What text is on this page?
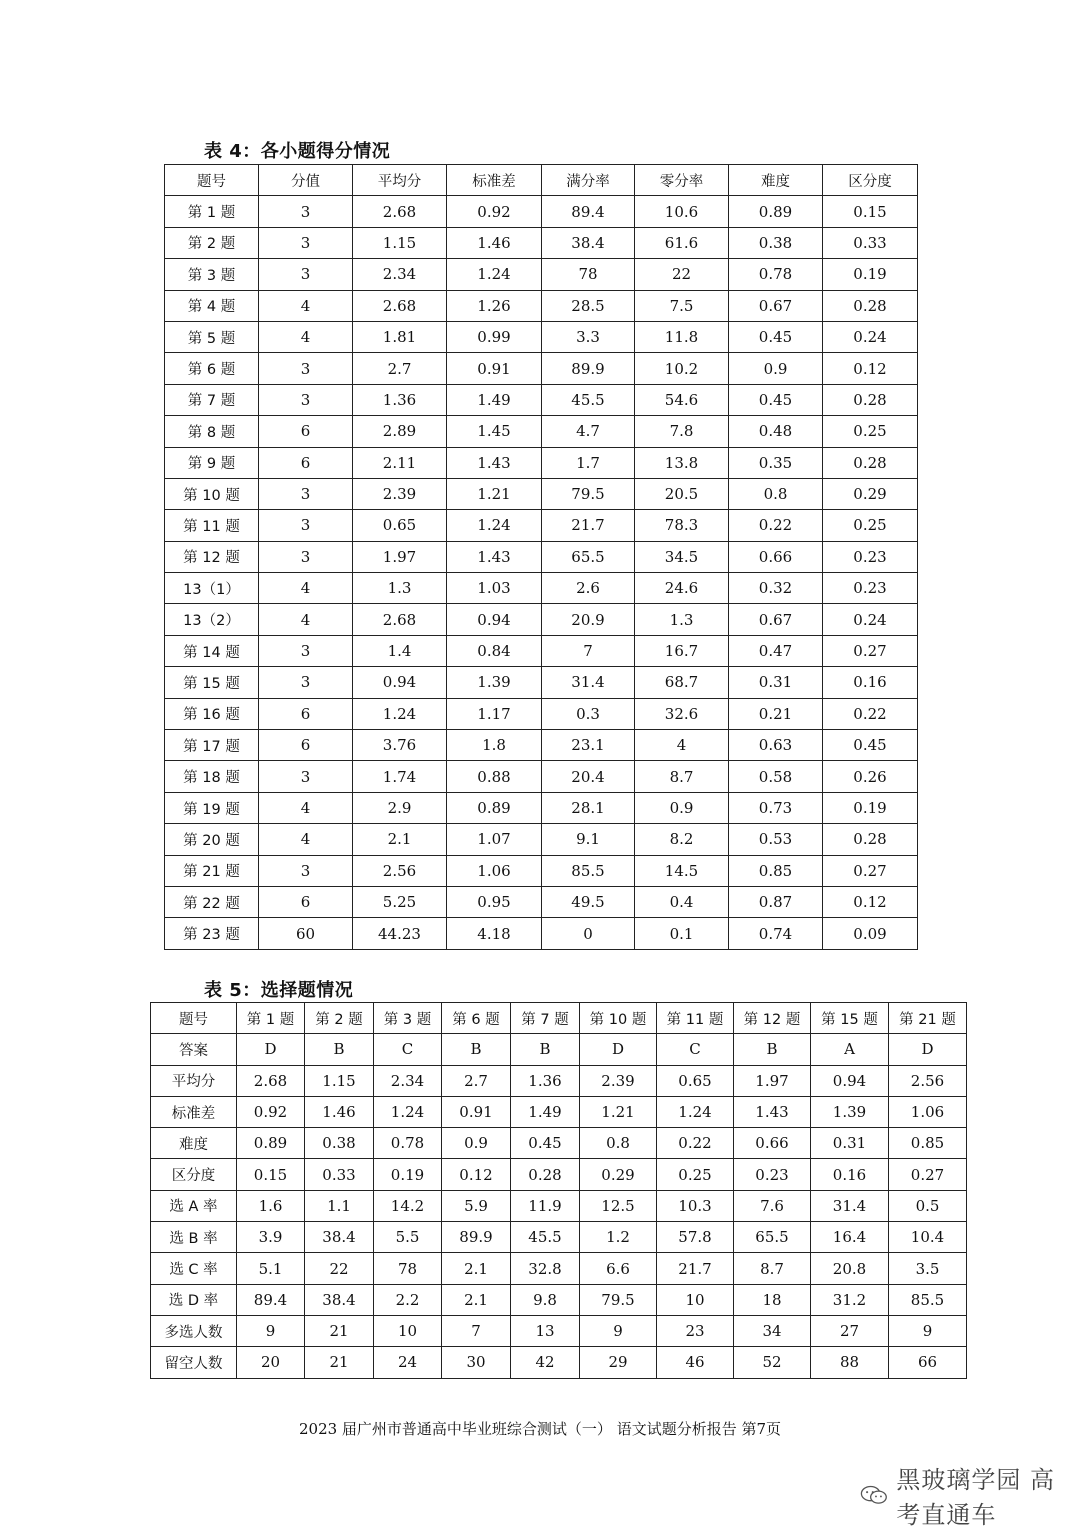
表 4：各小题得分情况
题号	分值	平均分	标准差	满分率	零分率	难度	区分度
第 1 题	3	2.68	0.92	89.4	10.6	0.89	0.15
第 2 题	3	1.15	1.46	38.4	61.6	0.38	0.33
第 3 题	3	2.34	1.24	78	22	0.78	0.19
第 4 题	4	2.68	1.26	28.5	7.5	0.67	0.28
第 5 题	4	1.81	0.99	3.3	11.8	0.45	0.24
第 6 题	3	2.7	0.91	89.9	10.2	0.9	0.12
第 7 题	3	1.36	1.49	45.5	54.6	0.45	0.28
第 8 题	6	2.89	1.45	4.7	7.8	0.48	0.25
第 9 题	6	2.11	1.43	1.7	13.8	0.35	0.28
第 10 题	3	2.39	1.21	79.5	20.5	0.8	0.29
第 11 题	3	0.65	1.24	21.7	78.3	0.22	0.25
第 12 题	3	1.97	1.43	65.5	34.5	0.66	0.23
13（1）	4	1.3	1.03	2.6	24.6	0.32	0.23
13（2）	4	2.68	0.94	20.9	1.3	0.67	0.24
第 14 题	3	1.4	0.84	7	16.7	0.47	0.27
第 15 题	3	0.94	1.39	31.4	68.7	0.31	0.16
第 16 题	6	1.24	1.17	0.3	32.6	0.21	0.22
第 17 题	6	3.76	1.8	23.1	4	0.63	0.45
第 18 题	3	1.74	0.88	20.4	8.7	0.58	0.26
第 19 题	4	2.9	0.89	28.1	0.9	0.73	0.19
第 20 题	4	2.1	1.07	9.1	8.2	0.53	0.28
第 21 题	3	2.56	1.06	85.5	14.5	0.85	0.27
第 22 题	6	5.25	0.95	49.5	0.4	0.87	0.12
第 23 题	60	44.23	4.18	0	0.1	0.74	0.09
表 5：选择题情况
题号	第 1 题	第 2 题	第 3 题	第 6 题	第 7 题	第 10 题	第 11 题	第 12 题	第 15 题	第 21 题
答案	D	B	C	B	B	D	C	B	A	D
平均分	2.68	1.15	2.34	2.7	1.36	2.39	0.65	1.97	0.94	2.56
标准差	0.92	1.46	1.24	0.91	1.49	1.21	1.24	1.43	1.39	1.06
难度	0.89	0.38	0.78	0.9	0.45	0.8	0.22	0.66	0.31	0.85
区分度	0.15	0.33	0.19	0.12	0.28	0.29	0.25	0.23	0.16	0.27
选 A 率	1.6	1.1	14.2	5.9	11.9	12.5	10.3	7.6	31.4	0.5
选 B 率	3.9	38.4	5.5	89.9	45.5	1.2	57.8	65.5	16.4	10.4
选 C 率	5.1	22	78	2.1	32.8	6.6	21.7	8.7	20.8	3.5
选 D 率	89.4	38.4	2.2	2.1	9.8	79.5	10	18	31.2	85.5
多选人数	9	21	10	7	13	9	23	34	27	9
留空人数	20	21	24	30	42	29	46	52	88	66
2023 届广州市普通高中毕业班综合测试（一） 语文试题分析报告 第7页
黑玻璃学园 高考直通车
